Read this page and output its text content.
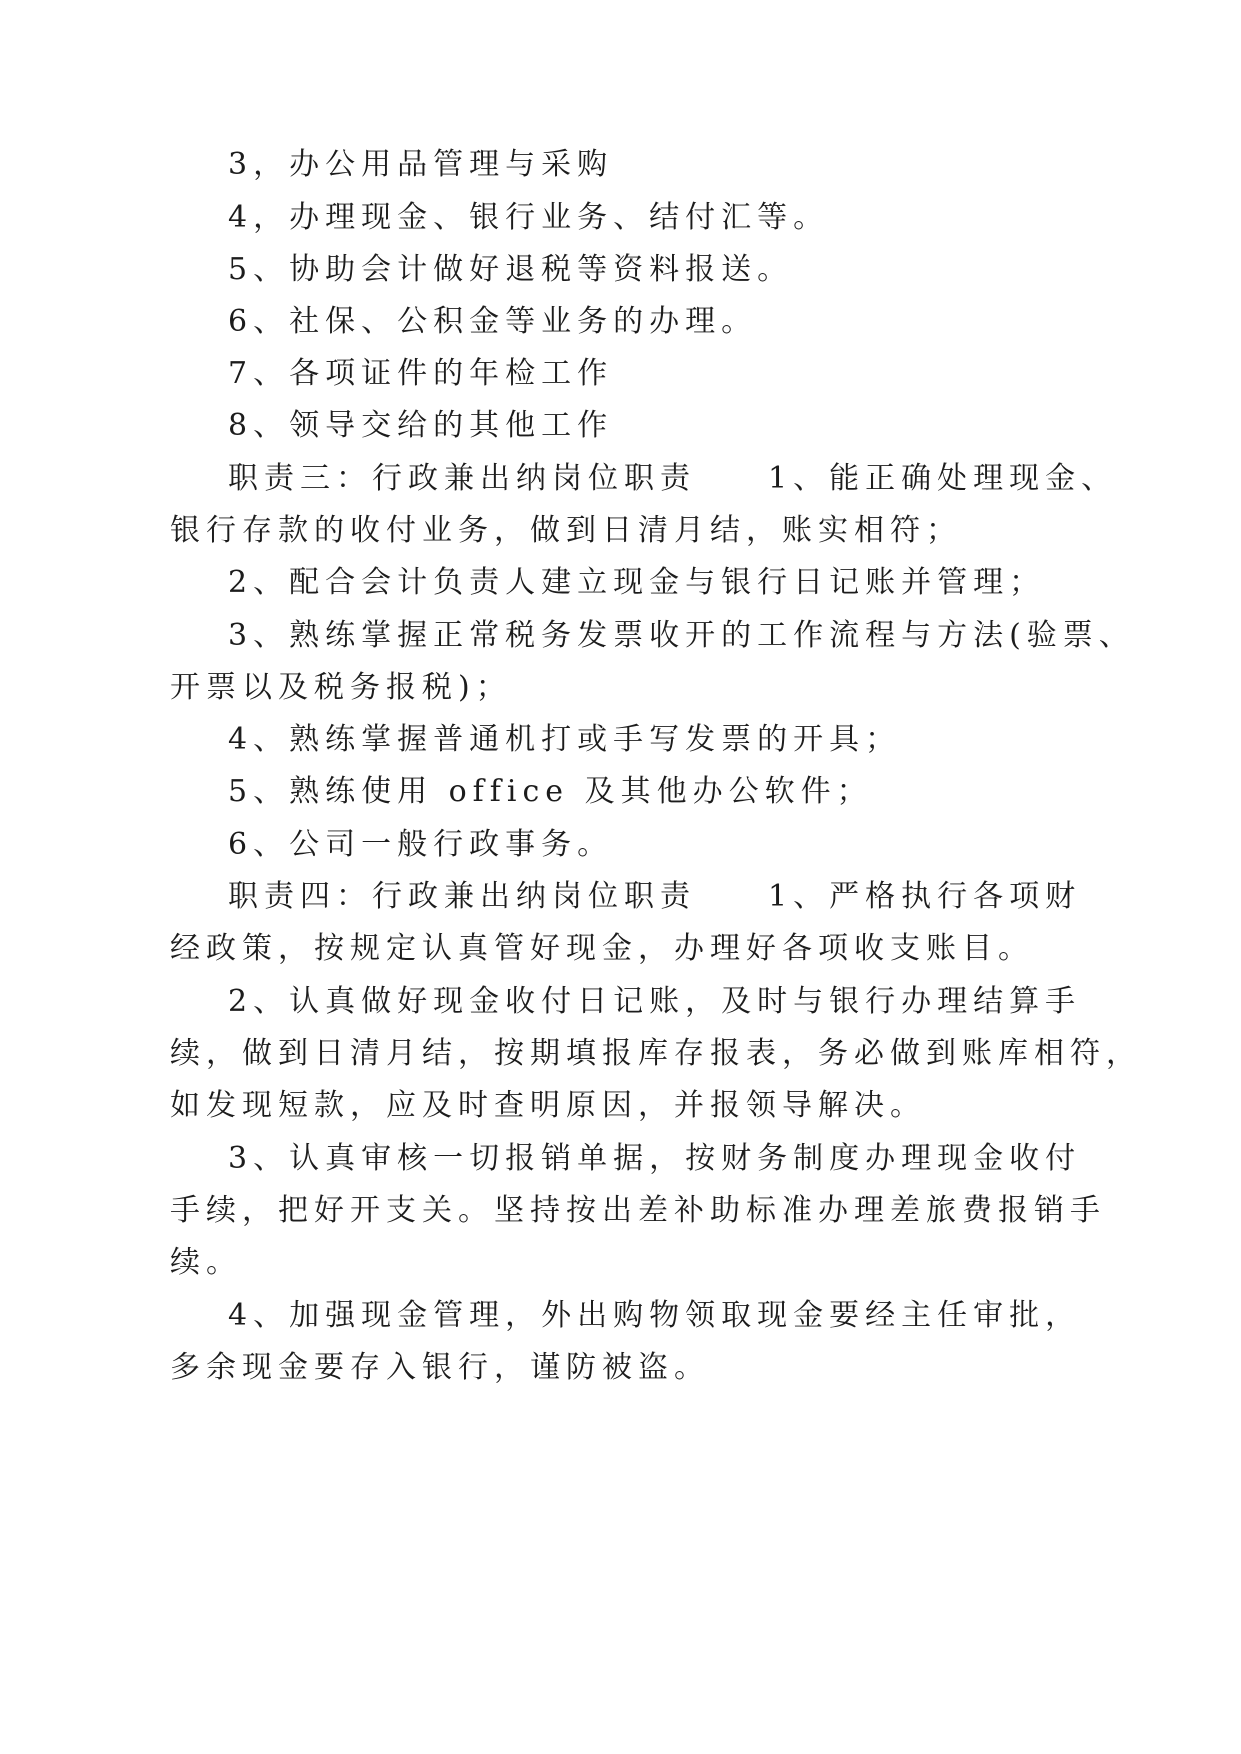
3，办公用品管理与采购
4，办理现金、银行业务、结付汇等。
5、协助会计做好退税等资料报送。
6、社保、公积金等业务的办理。
7、各项证件的年检工作
8、领导交给的其他工作
职责三：行政兼出纳岗位职责　　1、能正确处理现金、
银行存款的收付业务，做到日清月结，账实相符；
2、配合会计负责人建立现金与银行日记账并管理；
3、熟练掌握正常税务发票收开的工作流程与方法(验票、
开票以及税务报税)；
4、熟练掌握普通机打或手写发票的开具；
5、熟练使用 office 及其他办公软件；
6、公司一般行政事务。
职责四：行政兼出纳岗位职责　　1、严格执行各项财
经政策，按规定认真管好现金，办理好各项收支账目。
2、认真做好现金收付日记账，及时与银行办理结算手
续，做到日清月结，按期填报库存报表，务必做到账库相符，
如发现短款，应及时查明原因，并报领导解决。
3、认真审核一切报销单据，按财务制度办理现金收付
手续，把好开支关。坚持按出差补助标准办理差旅费报销手
续。
4、加强现金管理，外出购物领取现金要经主任审批，
多余现金要存入银行，谨防被盗。
